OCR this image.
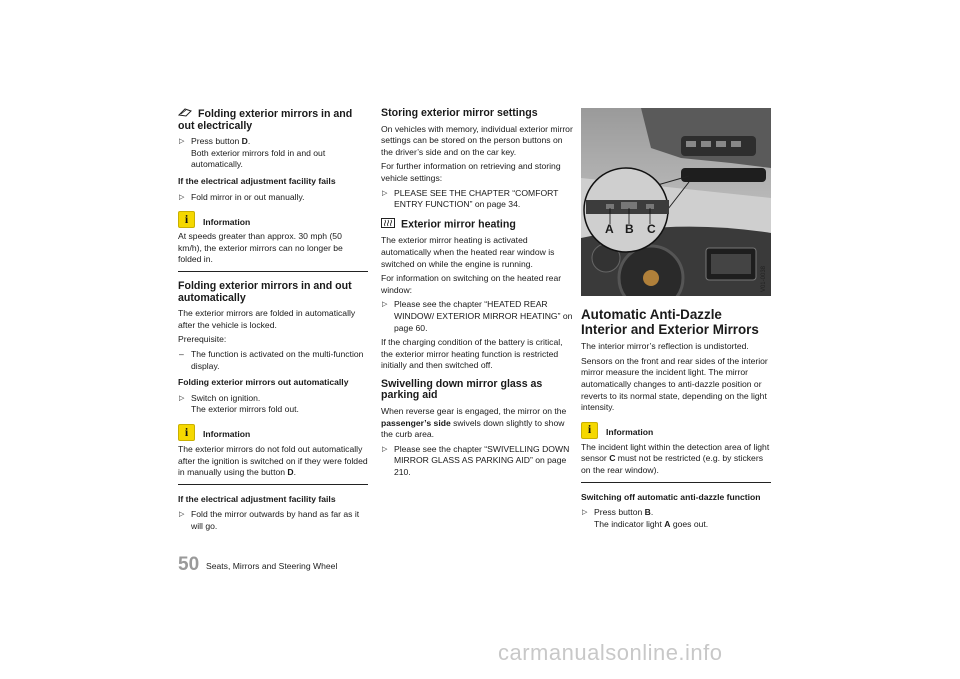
Folding exterior mirrors in and out electrically
▷ Press button D.
Both exterior mirrors fold in and out automatically.
If the electrical adjustment facility fails
▷ Fold mirror in or out manually.
i	Information

At speeds greater than approx. 30 mph (50 km/h), the exterior mirrors can no longer be folded in.

Folding exterior mirrors in and out automatically

The exterior mirrors are folded in automatically after the vehicle is locked.

Prerequisite:

– The function is activated on the multi-function display.
Folding exterior mirrors out automatically
▷ Switch on ignition.
The exterior mirrors fold out.
i	Information

The exterior mirrors do not fold out automatically after the ignition is switched on if they were folded in manually using the button D.

If the electrical adjustment facility fails
▷ Fold the mirror outwards by hand as far as it will go.
Storing exterior mirror settings

On vehicles with memory, individual exterior mirror settings can be stored on the person buttons on the driver’s side and on the car key.

For further information on retrieving and storing vehicle settings:

▷ PLEASE SEE THE CHAPTER “COMFORT ENTRY FUNCTION” on page 34.
Exterior mirror heating

The exterior mirror heating is activated automatically when the heated rear window is switched on while the engine is running.

For information on switching on the heated rear window:

▷ Please see the chapter “HEATED REAR WINDOW/ EXTERIOR MIRROR HEATING” on page 60.

If the charging condition of the battery is critical, the exterior mirror heating function is restricted initially and then switched off.

Swivelling down mirror glass as parking aid

When reverse gear is engaged, the mirror on the passenger’s side swivels down slightly to show the curb area.

▷ Please see the chapter “SWIVELLING DOWN MIRROR GLASS AS PARKING AID” on page 210.
A B C
V01-0038
Automatic Anti-Dazzle Interior and Exterior Mirrors

The interior mirror’s reflection is undistorted.

Sensors on the front and rear sides of the interior mirror measure the incident light. The mirror automatically changes to anti-dazzle position or reverts to its normal state, depending on the light intensity.

i	Information

The incident light within the detection area of light sensor C must not be restricted (e.g. by stickers on the rear window).

Switching off automatic anti-dazzle function
▷ Press button B.
The indicator light A goes out.
50 Seats, Mirrors and Steering Wheel
carmanualsonline.info
